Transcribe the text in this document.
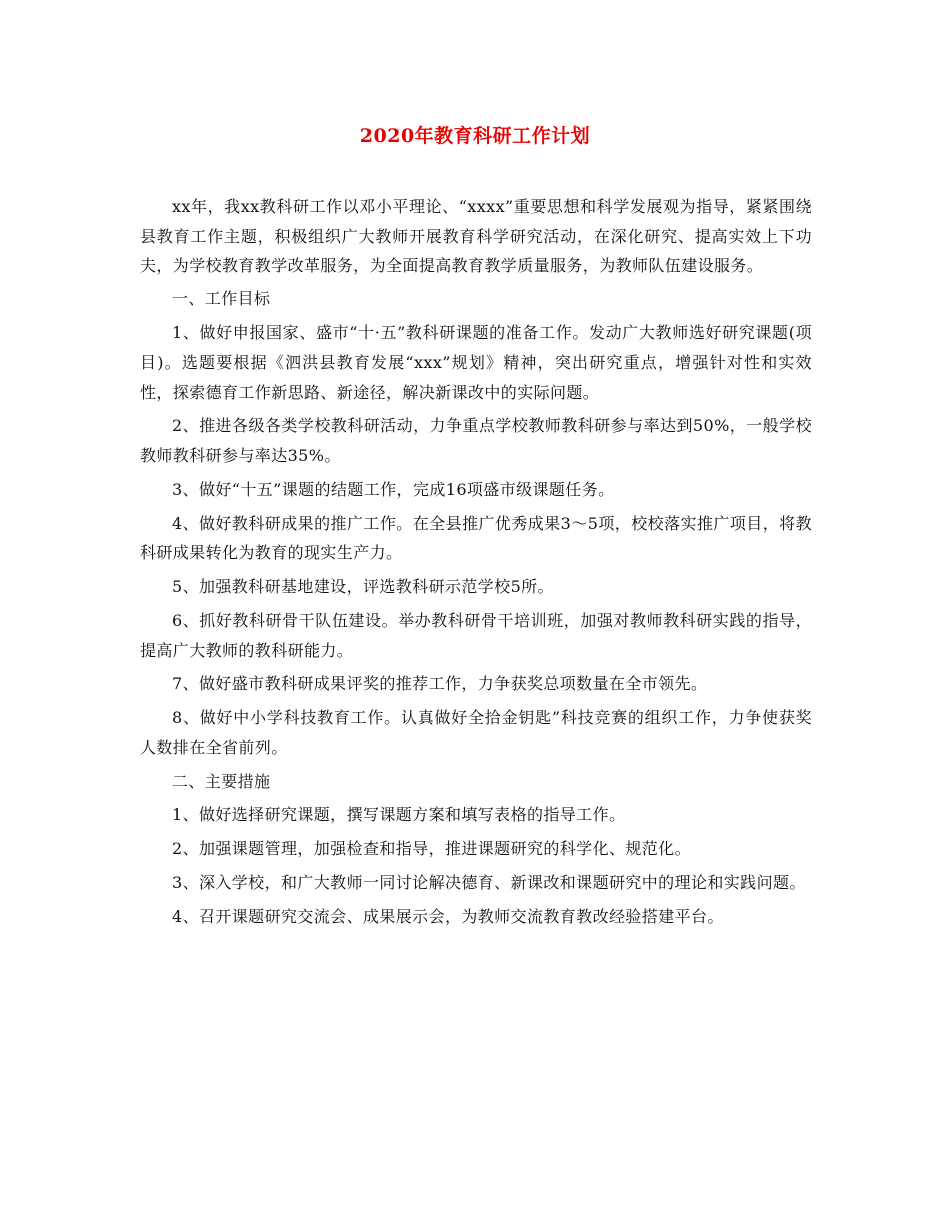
2020年教育科研工作计划

xx年，我xx教科研工作以邓小平理论、“xxxx”重要思想和科学发展观为指导，紧紧围绕县教育工作主题，积极组织广大教师开展教育科学研究活动，在深化研究、提高实效上下功夫，为学校教育教学改革服务，为全面提高教育教学质量服务，为教师队伍建设服务。

一、工作目标

1、做好申报国家、盛市“十·五”教科研课题的准备工作。发动广大教师选好研究课题(项目)。选题要根据《泗洪县教育发展“xxx”规划》精神，突出研究重点，增强针对性和实效性，探索德育工作新思路、新途径，解决新课改中的实际问题。

2、推进各级各类学校教科研活动，力争重点学校教师教科研参与率达到50%，一般学校教师教科研参与率达35%。

3、做好“十五”课题的结题工作，完成16项盛市级课题任务。

4、做好教科研成果的推广工作。在全县推广优秀成果3～5项，校校落实推广项目，将教科研成果转化为教育的现实生产力。

5、加强教科研基地建设，评选教科研示范学校5所。

6、抓好教科研骨干队伍建设。举办教科研骨干培训班，加强对教师教科研实践的指导，提高广大教师的教科研能力。

7、做好盛市教科研成果评奖的推荐工作，力争获奖总项数量在全市领先。

8、做好中小学科技教育工作。认真做好全拾金钥匙”科技竞赛的组织工作，力争使获奖人数排在全省前列。

二、主要措施

1、做好选择研究课题，撰写课题方案和填写表格的指导工作。

2、加强课题管理，加强检查和指导，推进课题研究的科学化、规范化。

3、深入学校，和广大教师一同讨论解决德育、新课改和课题研究中的理论和实践问题。

4、召开课题研究交流会、成果展示会，为教师交流教育教改经验搭建平台。
